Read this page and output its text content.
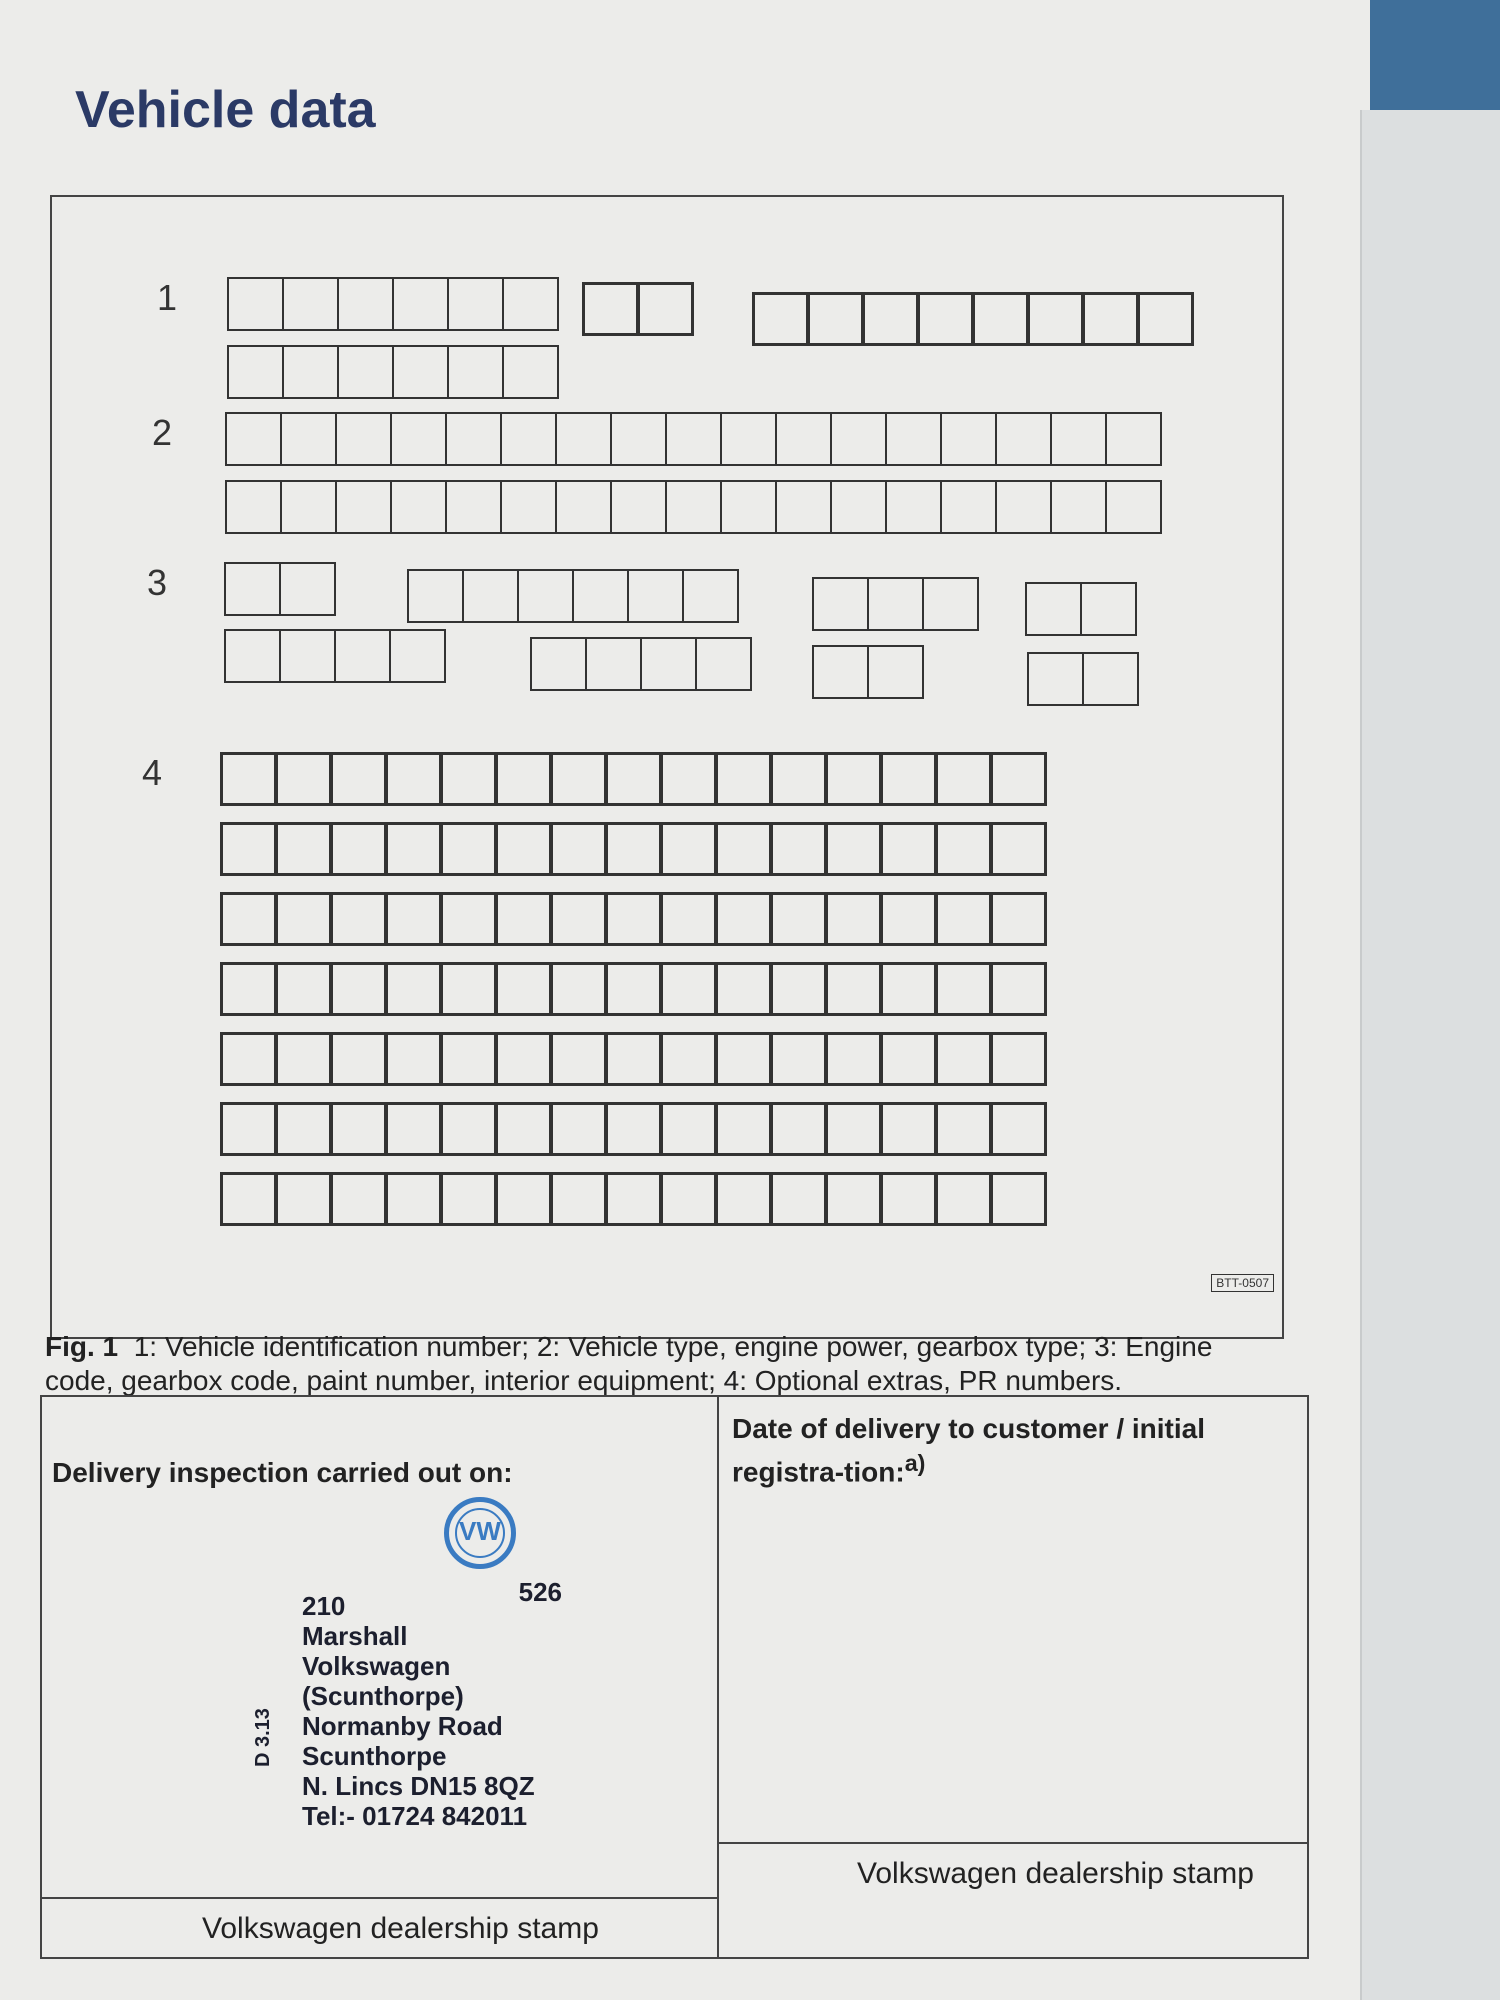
Vehicle data
1
2
3
4
BTT-0507
Fig. 1 1: Vehicle identification number; 2: Vehicle type, engine power, gearbox type; 3: Engine code, gearbox code, paint number, interior equipment; 4: Optional extras, PR numbers.
Delivery inspection carried out on:
Date of delivery to customer / initial registra-tion:$^{a)}$
VW
210	526
Marshall Volkswagen
(Scunthorpe)
Normanby Road
Scunthorpe
N. Lincs DN15 8QZ
Tel:- 01724 842011
D 3.13
Volkswagen dealership stamp
Volkswagen dealership stamp
